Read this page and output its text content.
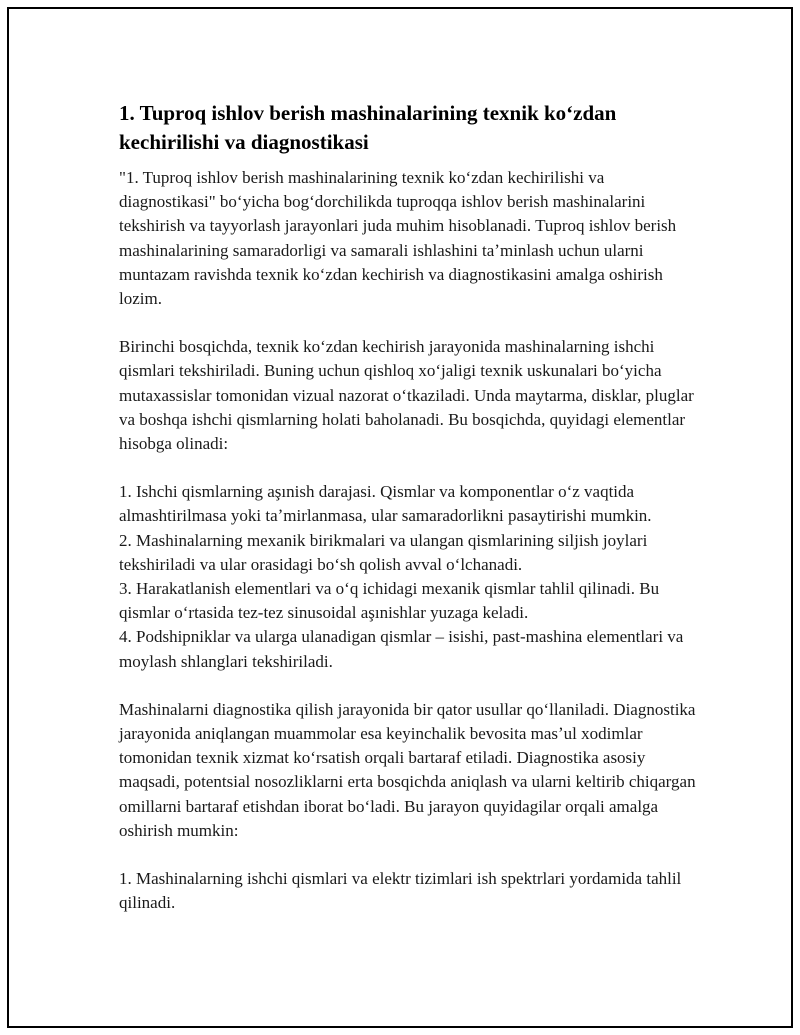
1. Tuproq ishlov berish mashinalarining texnik koʻzdan kechirilishi va diagnostikasi

"1. Tuproq ishlov berish mashinalarining texnik koʻzdan kechirilishi va diagnostikasi" boʻyicha bogʻdorchilikda tuproqqa ishlov berish mashinalarini tekshirish va tayyorlash jarayonlari juda muhim hisoblanadi. Tuproq ishlov berish mashinalarining samaradorligi va samarali ishlashini taʼminlash uchun ularni muntazam ravishda texnik koʻzdan kechirish va diagnostikasini amalga oshirish lozim.

Birinchi bosqichda, texnik koʻzdan kechirish jarayonida mashinalarning ishchi qismlari tekshiriladi. Buning uchun qishloq xoʻjaligi texnik uskunalari boʻyicha mutaxassislar tomonidan vizual nazorat oʻtkaziladi. Unda maytarma, disklar, pluglar va boshqa ishchi qismlarning holati baholanadi. Bu bosqichda, quyidagi elementlar hisobga olinadi:

1. Ishchi qismlarning aşınish darajasi. Qismlar va komponentlar oʻz vaqtida almashtirilmasa yoki taʼmirlanmasa, ular samaradorlikni pasaytirishi mumkin.
2. Mashinalarning mexanik birikmalari va ulangan qismlarining siljish joylari tekshiriladi va ular orasidagi boʻsh qolish avval oʻlchanadi.
3. Harakatlanish elementlari va oʻq ichidagi mexanik qismlar tahlil qilinadi. Bu qismlar oʻrtasida tez-tez sinusoidal aşınishlar yuzaga keladi.
4. Podshipniklar va ularga ulanadigan qismlar – isishi, past-mashina elementlari va moylash shlanglari tekshiriladi.

Mashinalarni diagnostika qilish jarayonida bir qator usullar qoʻllaniladi. Diagnostika jarayonida aniqlangan muammolar esa keyinchalik bevosita masʼul xodimlar tomonidan texnik xizmat koʻrsatish orqali bartaraf etiladi. Diagnostika asosiy maqsadi, potentsial nosozliklarni erta bosqichda aniqlash va ularni keltirib chiqargan omillarni bartaraf etishdan iborat boʻladi. Bu jarayon quyidagilar orqali amalga oshirish mumkin:

1. Mashinalarning ishchi qismlari va elektr tizimlari ish spektrlari yordamida tahlil qilinadi.
